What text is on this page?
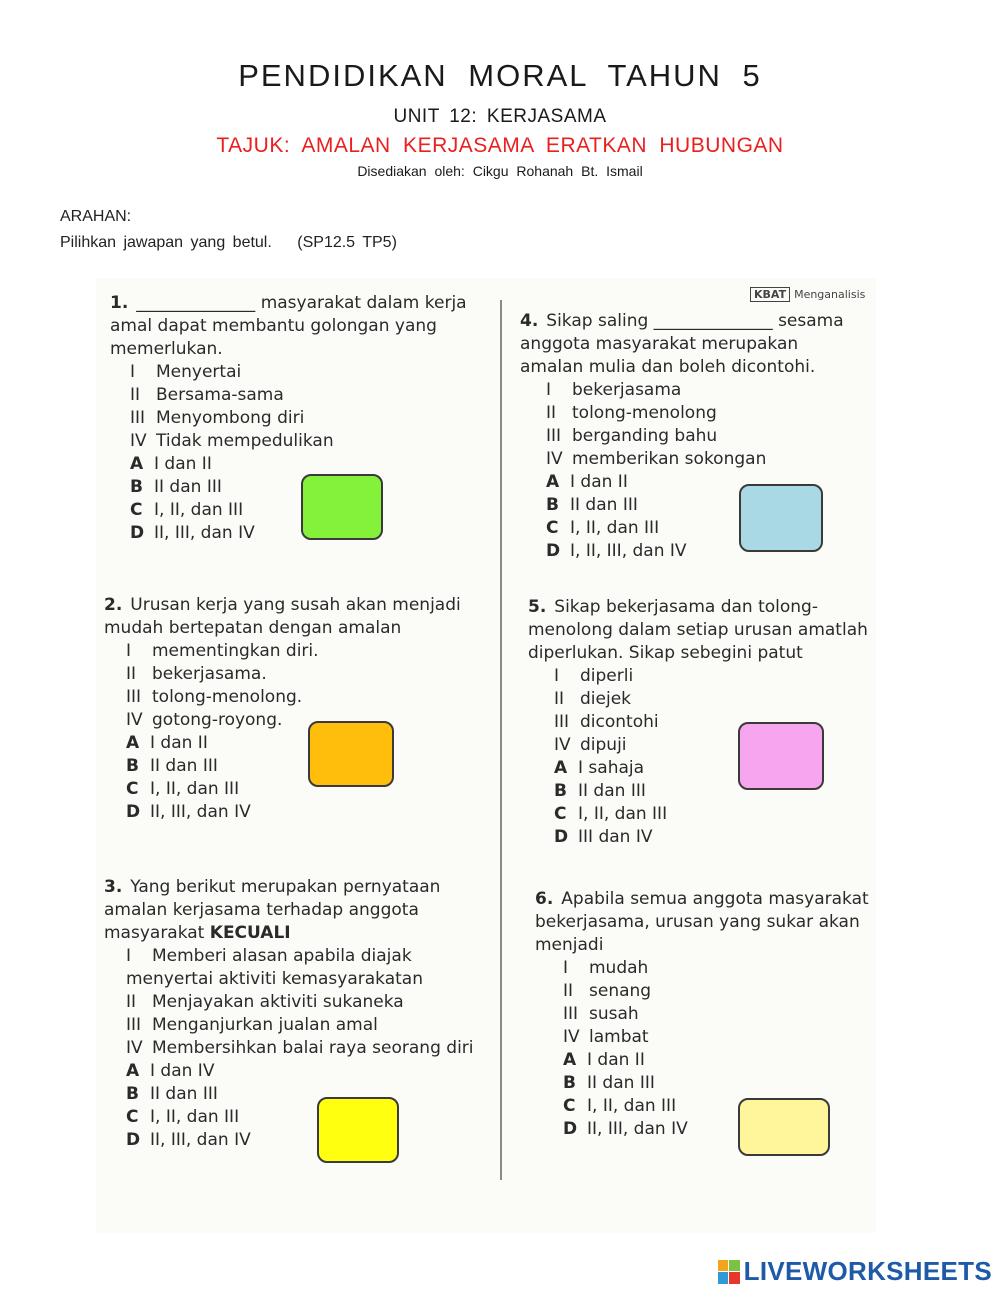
PENDIDIKAN MORAL TAHUN 5
UNIT 12: KERJASAMA
TAJUK: AMALAN KERJASAMA ERATKAN HUBUNGAN
Disediakan oleh: Cikgu Rohanah Bt. Ismail
ARAHAN:
Pilihkan jawapan yang betul. (SP12.5 TP5)
KBAT Menganalisis
1. ______________ masyarakat dalam kerja amal dapat membantu golongan yang memerlukan.
I Menyertai
II Bersama-sama
III Menyombong diri
IV Tidak mempedulikan
A I dan II
B II dan III
C I, II, dan III
D II, III, dan IV
2. Urusan kerja yang susah akan menjadi mudah bertepatan dengan amalan
I mementingkan diri.
II bekerjasama.
III tolong-menolong.
IV gotong-royong.
A I dan II
B II dan III
C I, II, dan III
D II, III, dan IV
3. Yang berikut merupakan pernyataan amalan kerjasama terhadap anggota masyarakat KECUALI
I Memberi alasan apabila diajak menyertai aktiviti kemasyarakatan
II Menjayakan aktiviti sukaneka
III Menganjurkan jualan amal
IV Membersihkan balai raya seorang diri
A I dan IV
B II dan III
C I, II, dan III
D II, III, dan IV
4. Sikap saling ______________ sesama anggota masyarakat merupakan amalan mulia dan boleh dicontohi.
I bekerjasama
II tolong-menolong
III berganding bahu
IV memberikan sokongan
A I dan II
B II dan III
C I, II, dan III
D I, II, III, dan IV
5. Sikap bekerjasama dan tolong-menolong dalam setiap urusan amatlah diperlukan. Sikap sebegini patut
I diperli
II diejek
III dicontohi
IV dipuji
A I sahaja
B II dan III
C I, II, dan III
D III dan IV
6. Apabila semua anggota masyarakat bekerjasama, urusan yang sukar akan menjadi
I mudah
II senang
III susah
IV lambat
A I dan II
B II dan III
C I, II, dan III
D II, III, dan IV
LIVEWORKSHEETS
